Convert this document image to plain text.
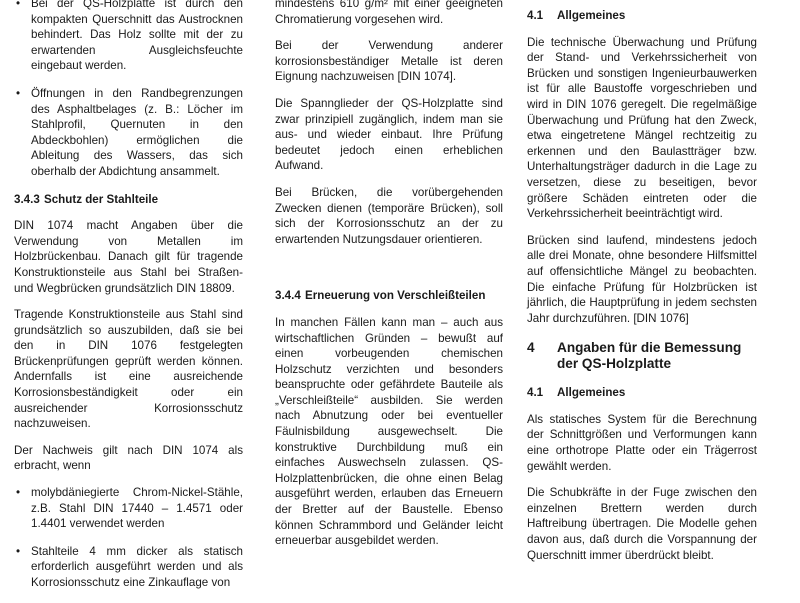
• Bei der QS-Holzplatte ist durch den kompakten Querschnitt das Austrocknen behindert. Das Holz sollte mit der zu erwartenden Ausgleichsfeuchte eingebaut werden.
• Öffnungen in den Randbegrenzungen des Asphaltbelages (z. B.: Löcher im Stahlprofil, Quernuten in den Abdeckbohlen) ermöglichen die Ableitung des Wassers, das sich oberhalb der Abdichtung ansammelt.
3.4.3 Schutz der Stahlteile

DIN 1074 macht Angaben über die Verwendung von Metallen im Holzbrückenbau. Danach gilt für tragende Konstruktionsteile aus Stahl bei Straßen- und Wegbrücken grundsätzlich DIN 18809.

Tragende Konstruktionsteile aus Stahl sind grundsätzlich so auszubilden, daß sie bei den in DIN 1076 festgelegten Brückenprüfungen geprüft werden können. Andernfalls ist eine ausreichende Korrosionsbeständigkeit oder ein ausreichender Korrosionsschutz nachzuweisen.

Der Nachweis gilt nach DIN 1074 als erbracht, wenn

• molybdäniegierte Chrom-Nickel-Stähle, z.B. Stahl DIN 17440 – 1.4571 oder 1.4401 verwendet werden
• Stahlteile 4 mm dicker als statisch erforderlich ausgeführt werden und als Korrosionsschutz eine Zinkauflage von

mindestens 610 g/m² mit einer geeigneten Chromatierung vorgesehen wird.

Bei der Verwendung anderer korrosionsbeständiger Metalle ist deren Eignung nachzuweisen [DIN 1074].

Die Spannglieder der QS-Holzplatte sind zwar prinzipiell zugänglich, indem man sie aus- und wieder einbaut. Ihre Prüfung bedeutet jedoch einen erheblichen Aufwand.

Bei Brücken, die vorübergehenden Zwecken dienen (temporäre Brücken), soll sich der Korrosionsschutz an der zu erwartenden Nutzungsdauer orientieren.

3.4.4 Erneuerung von Verschleißteilen

In manchen Fällen kann man – auch aus wirtschaftlichen Gründen – bewußt auf einen vorbeugenden chemischen Holzschutz verzichten und besonders beanspruchte oder gefährdete Bauteile als „Verschleißteile“ ausbilden. Sie werden nach Abnutzung oder bei eventueller Fäulnisbildung ausgewechselt. Die konstruktive Durchbildung muß ein einfaches Auswechseln zulassen. QS-Holzplattenbrücken, die ohne einen Belag ausgeführt werden, erlauben das Erneuern der Bretter auf der Baustelle. Ebenso können Schrammbord und Geländer leicht erneuerbar ausgebildet werden.

4.1 Allgemeines

Die technische Überwachung und Prüfung der Stand- und Verkehrssicherheit von Brücken und sonstigen Ingenieurbauwerken ist für alle Baustoffe vorgeschrieben und wird in DIN 1076 geregelt. Die regelmäßige Überwachung und Prüfung hat den Zweck, etwa eingetretene Mängel rechtzeitig zu erkennen und den Baulastträger bzw. Unterhaltungsträger dadurch in die Lage zu versetzen, diese zu beseitigen, bevor größere Schäden eintreten oder die Verkehrssicherheit beeinträchtigt wird.

Brücken sind laufend, mindestens jedoch alle drei Monate, ohne besondere Hilfsmittel auf offensichtliche Mängel zu beobachten. Die einfache Prüfung für Holzbrücken ist jährlich, die Hauptprüfung in jedem sechsten Jahr durchzuführen. [DIN 1076]

4	Angaben für die Bemessung der QS-Holzplatte
4.1 Allgemeines

Als statisches System für die Berechnung der Schnittgrößen und Verformungen kann eine orthotrope Platte oder ein Trägerrost gewählt werden.

Die Schubkräfte in der Fuge zwischen den einzelnen Brettern werden durch Haftreibung übertragen. Die Modelle gehen davon aus, daß durch die Vorspannung der Querschnitt immer überdrückt bleibt.
